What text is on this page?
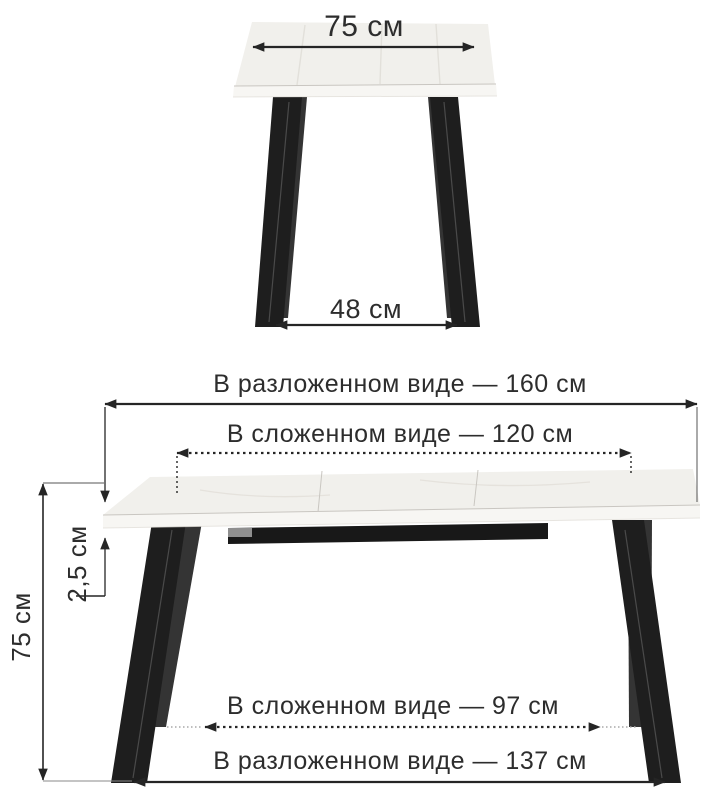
75 см
48 см
В разложенном виде — 160 см
В сложенном виде — 120 см
2,5 см
75 см
В сложенном виде — 97 см
В разложенном виде — 137 см
